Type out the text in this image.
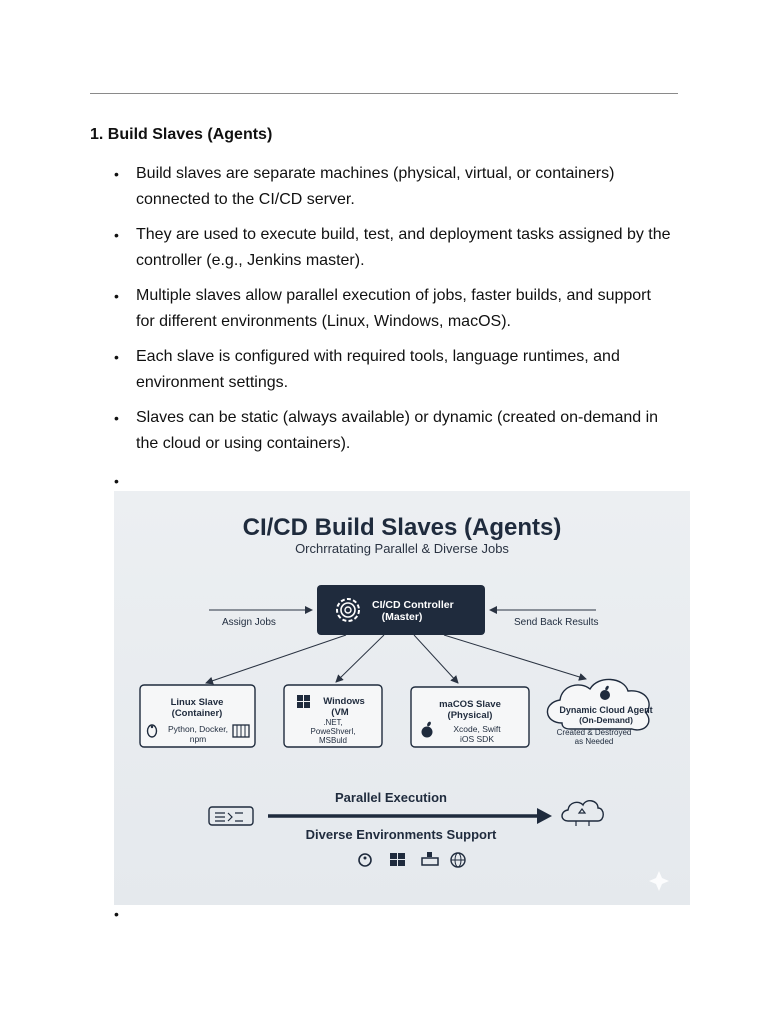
1. Build Slaves (Agents)
• Build slaves are separate machines (physical, virtual, or containers) connected to the CI/CD server.
• They are used to execute build, test, and deployment tasks assigned by the controller (e.g., Jenkins master).
• Multiple slaves allow parallel execution of jobs, faster builds, and support for different environments (Linux, Windows, macOS).
• Each slave is configured with required tools, language runtimes, and environment settings.
• Slaves can be static (always available) or dynamic (created on-demand in the cloud or using containers).
•
CI/CD Build Slaves (Agents)
Orchrratating Parallel & Diverse Jobs
CI/CD Controller
(Master)
Assign Jobs	Send Back Results
Linux Slave
(Container)
Python, Docker,
npm
Windows
(VM
.NET,
PoweShverl,
MSBuld
maCOS Slave
(Physical)
Xcode, Swift
iOS SDK
Dynamic Cloud Agent
(On-Demand)
Created & Destroyed
as Needed
Parallel Execution
Diverse Environments Support
•
